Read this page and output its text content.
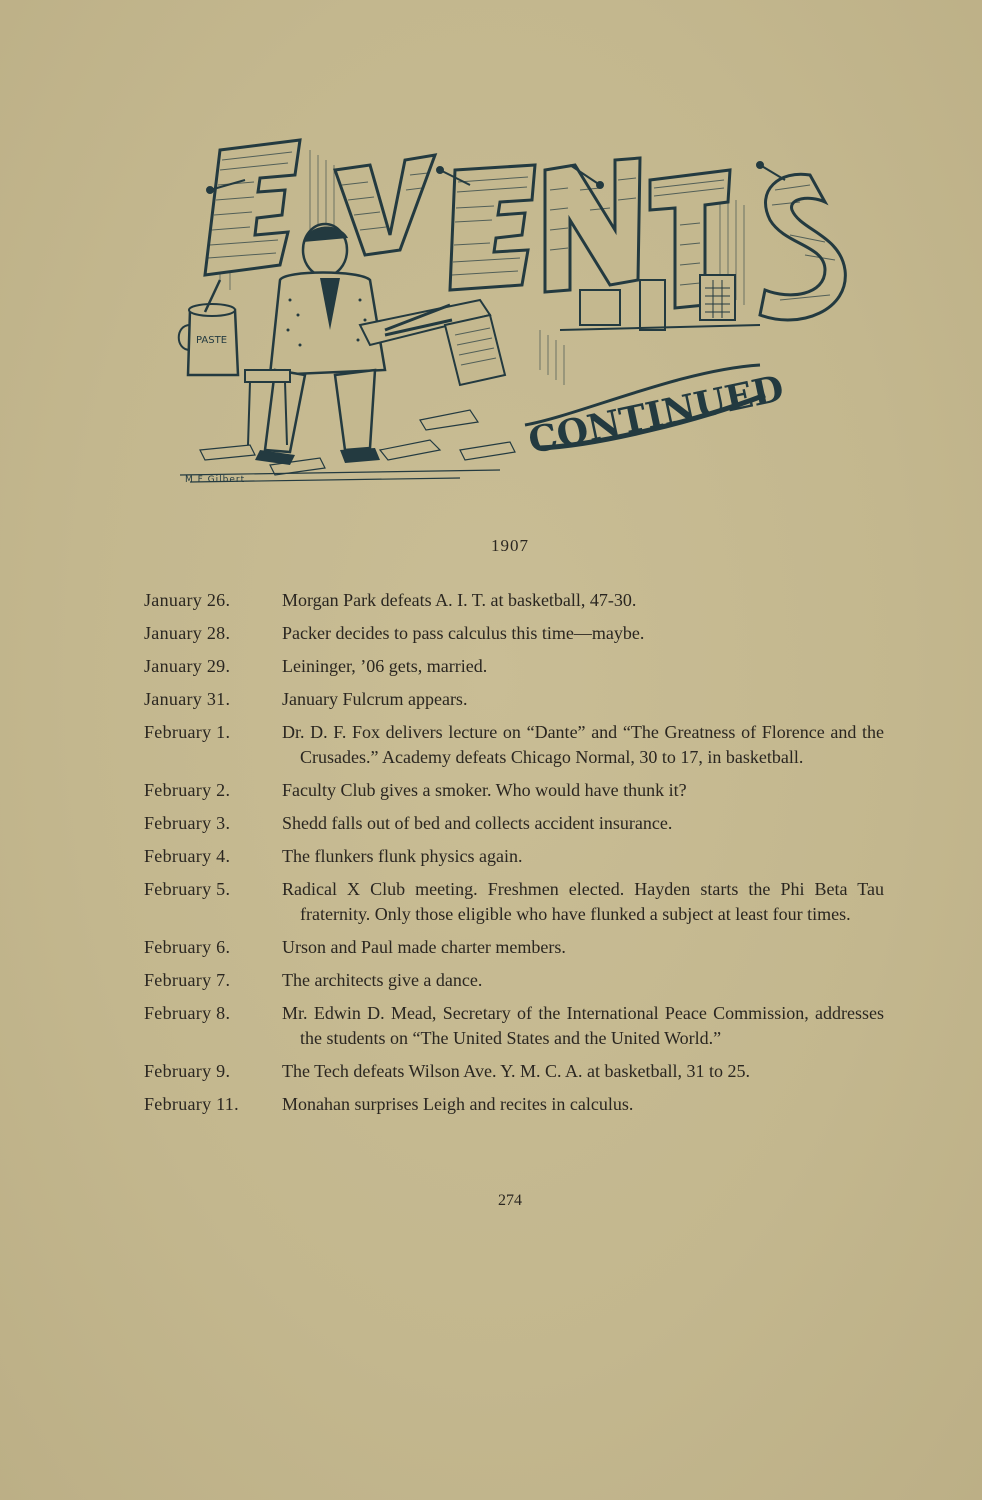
PASTE
CONTINUED
M F Gilbert
1907
January 26.	Morgan Park defeats A. I. T. at basketball, 47-30.
January 28.	Packer decides to pass calculus this time—maybe.
January 29.	Leininger, ’06 gets, married.
January 31.	January Fulcrum appears.
February 1.	Dr. D. F. Fox delivers lecture on “Dante” and “The Greatness of Florence and the Crusades.” Academy defeats Chicago Normal, 30 to 17, in basketball.
February 2.	Faculty Club gives a smoker. Who would have thunk it?
February 3.	Shedd falls out of bed and collects accident insurance.
February 4.	The flunkers flunk physics again.
February 5.	Radical X Club meeting. Freshmen elected. Hayden starts the Phi Beta Tau fraternity. Only those eligible who have flunked a subject at least four times.
February 6.	Urson and Paul made charter members.
February 7.	The architects give a dance.
February 8.	Mr. Edwin D. Mead, Secretary of the International Peace Commission, addresses the students on “The United States and the United World.”
February 9.	The Tech defeats Wilson Ave. Y. M. C. A. at basketball, 31 to 25.
February 11.	Monahan surprises Leigh and recites in calculus.
274
